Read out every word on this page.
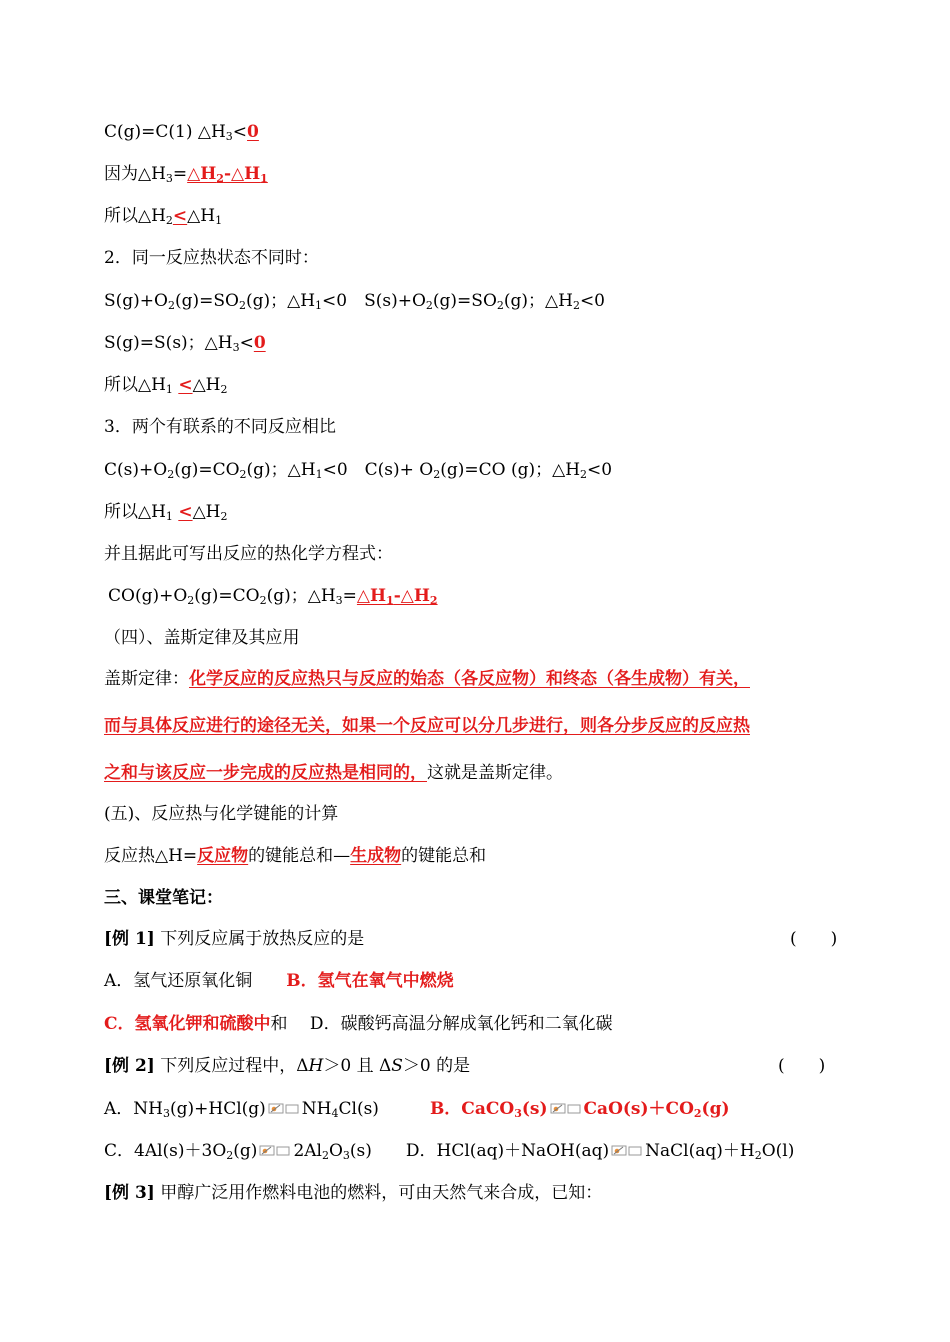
C(g)=C(1) $\triangle H_3<0$
因为$\triangle H_3=\triangle H_2-\triangle H_1$
所以$\triangle H_2<\triangle H_1$
2．同一反应热状态不同时：
$S(g)+O_2(g)=SO_2(g)$；$\triangle H_1<0$　$S(s)+O_2(g)=SO_2(g)$；$\triangle H_2<0$
S(g)=S(s)；$\triangle H_3<0$
所以$\triangle H_1$ $<\triangle H_2$
3．两个有联系的不同反应相比
$C(s)+O_2(g)=CO_2(g)$；$\triangle H_1<0$　$C(s)+ O_2(g)=CO$ (g)；$\triangle H_2<0$
所以$\triangle H_1$ $<\triangle H_2$
并且据此可写出反应的热化学方程式：
$CO(g)+O_2(g)=CO_2(g)$；$\triangle H_3=\triangle H_1-\triangle H_2$
（四）、盖斯定律及其应用
盖斯定律：化学反应的反应热只与反应的始态（各反应物）和终态（各生成物）有关，
而与具体反应进行的途径无关，如果一个反应可以分几步进行，则各分步反应的反应热
之和与该反应一步完成的反应热是相同的，这就是盖斯定律。
(五)、反应热与化学键能的计算
反应热△H=反应物的键能总和—生成物的键能总和
三、课堂笔记：
[例 1] 下列反应属于放热反应的是	(　　)
A．氢气还原氧化铜　　 B．氢气在氧气中燃烧
C．氢氧化钾和硫酸中和　 D．碳酸钙高温分解成氧化钙和二氧化碳
[例 2] 下列反应过程中，ΔH＞0 且 ΔS＞0 的是	(　　)
A．$NH_3(g)+HCl(g)$ $NH_4Cl(s)$　　　	B．CaCO$_3$(s) $CaO(s)+CO_2(g)$
C．$4Al(s)+3O_2(g)$ $2Al_2O_3(s)$　　 D．HCl(aq)＋NaOH(aq) $NaCl(aq)+H_2O(l)$
[例 3] 甲醇广泛用作燃料电池的燃料，可由天然气来合成，已知：
